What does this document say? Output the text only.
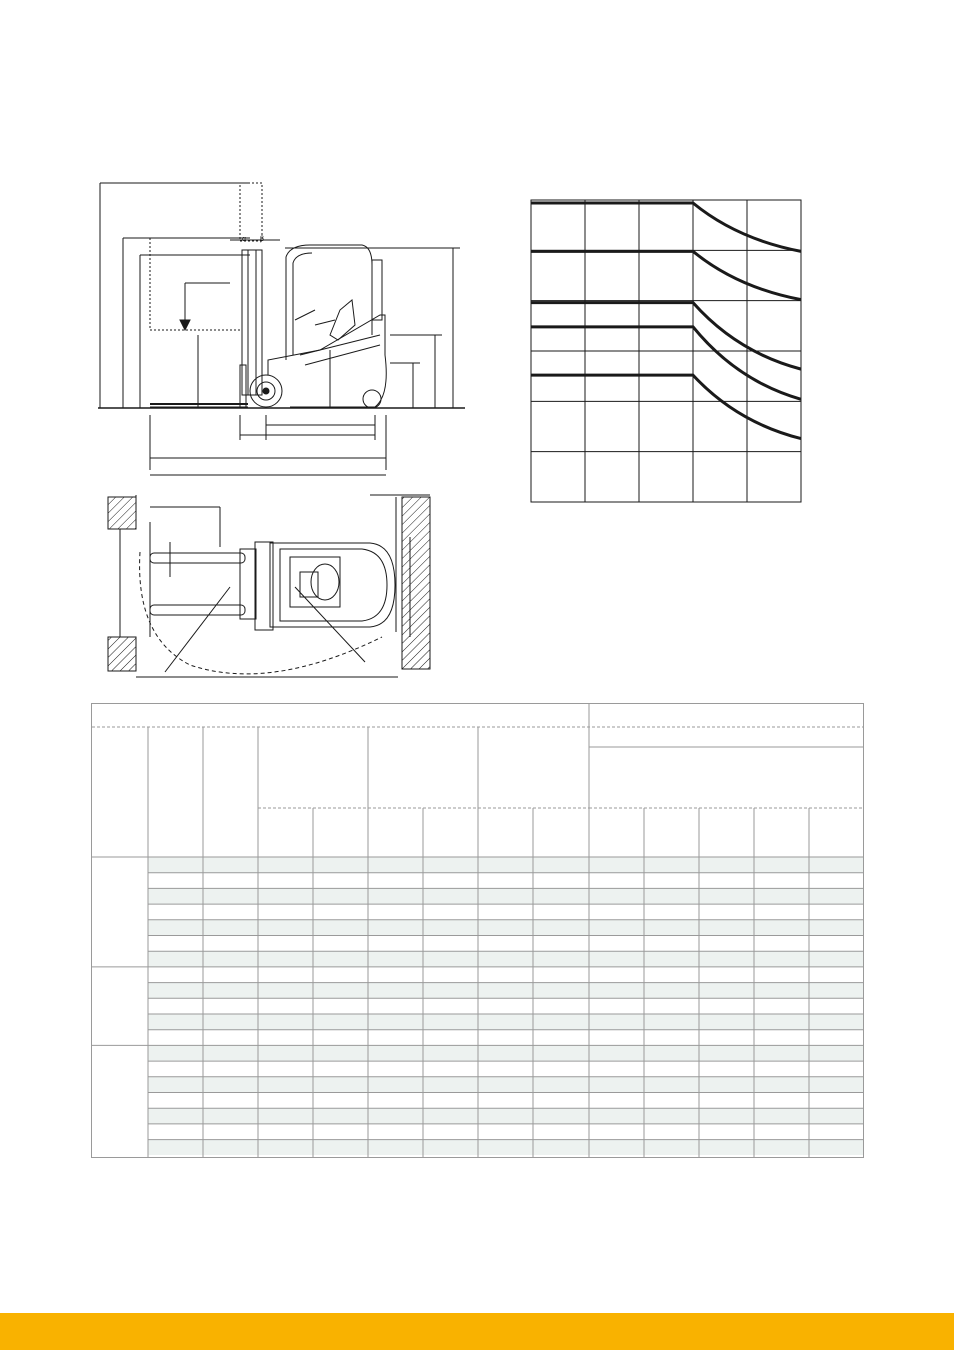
α β
